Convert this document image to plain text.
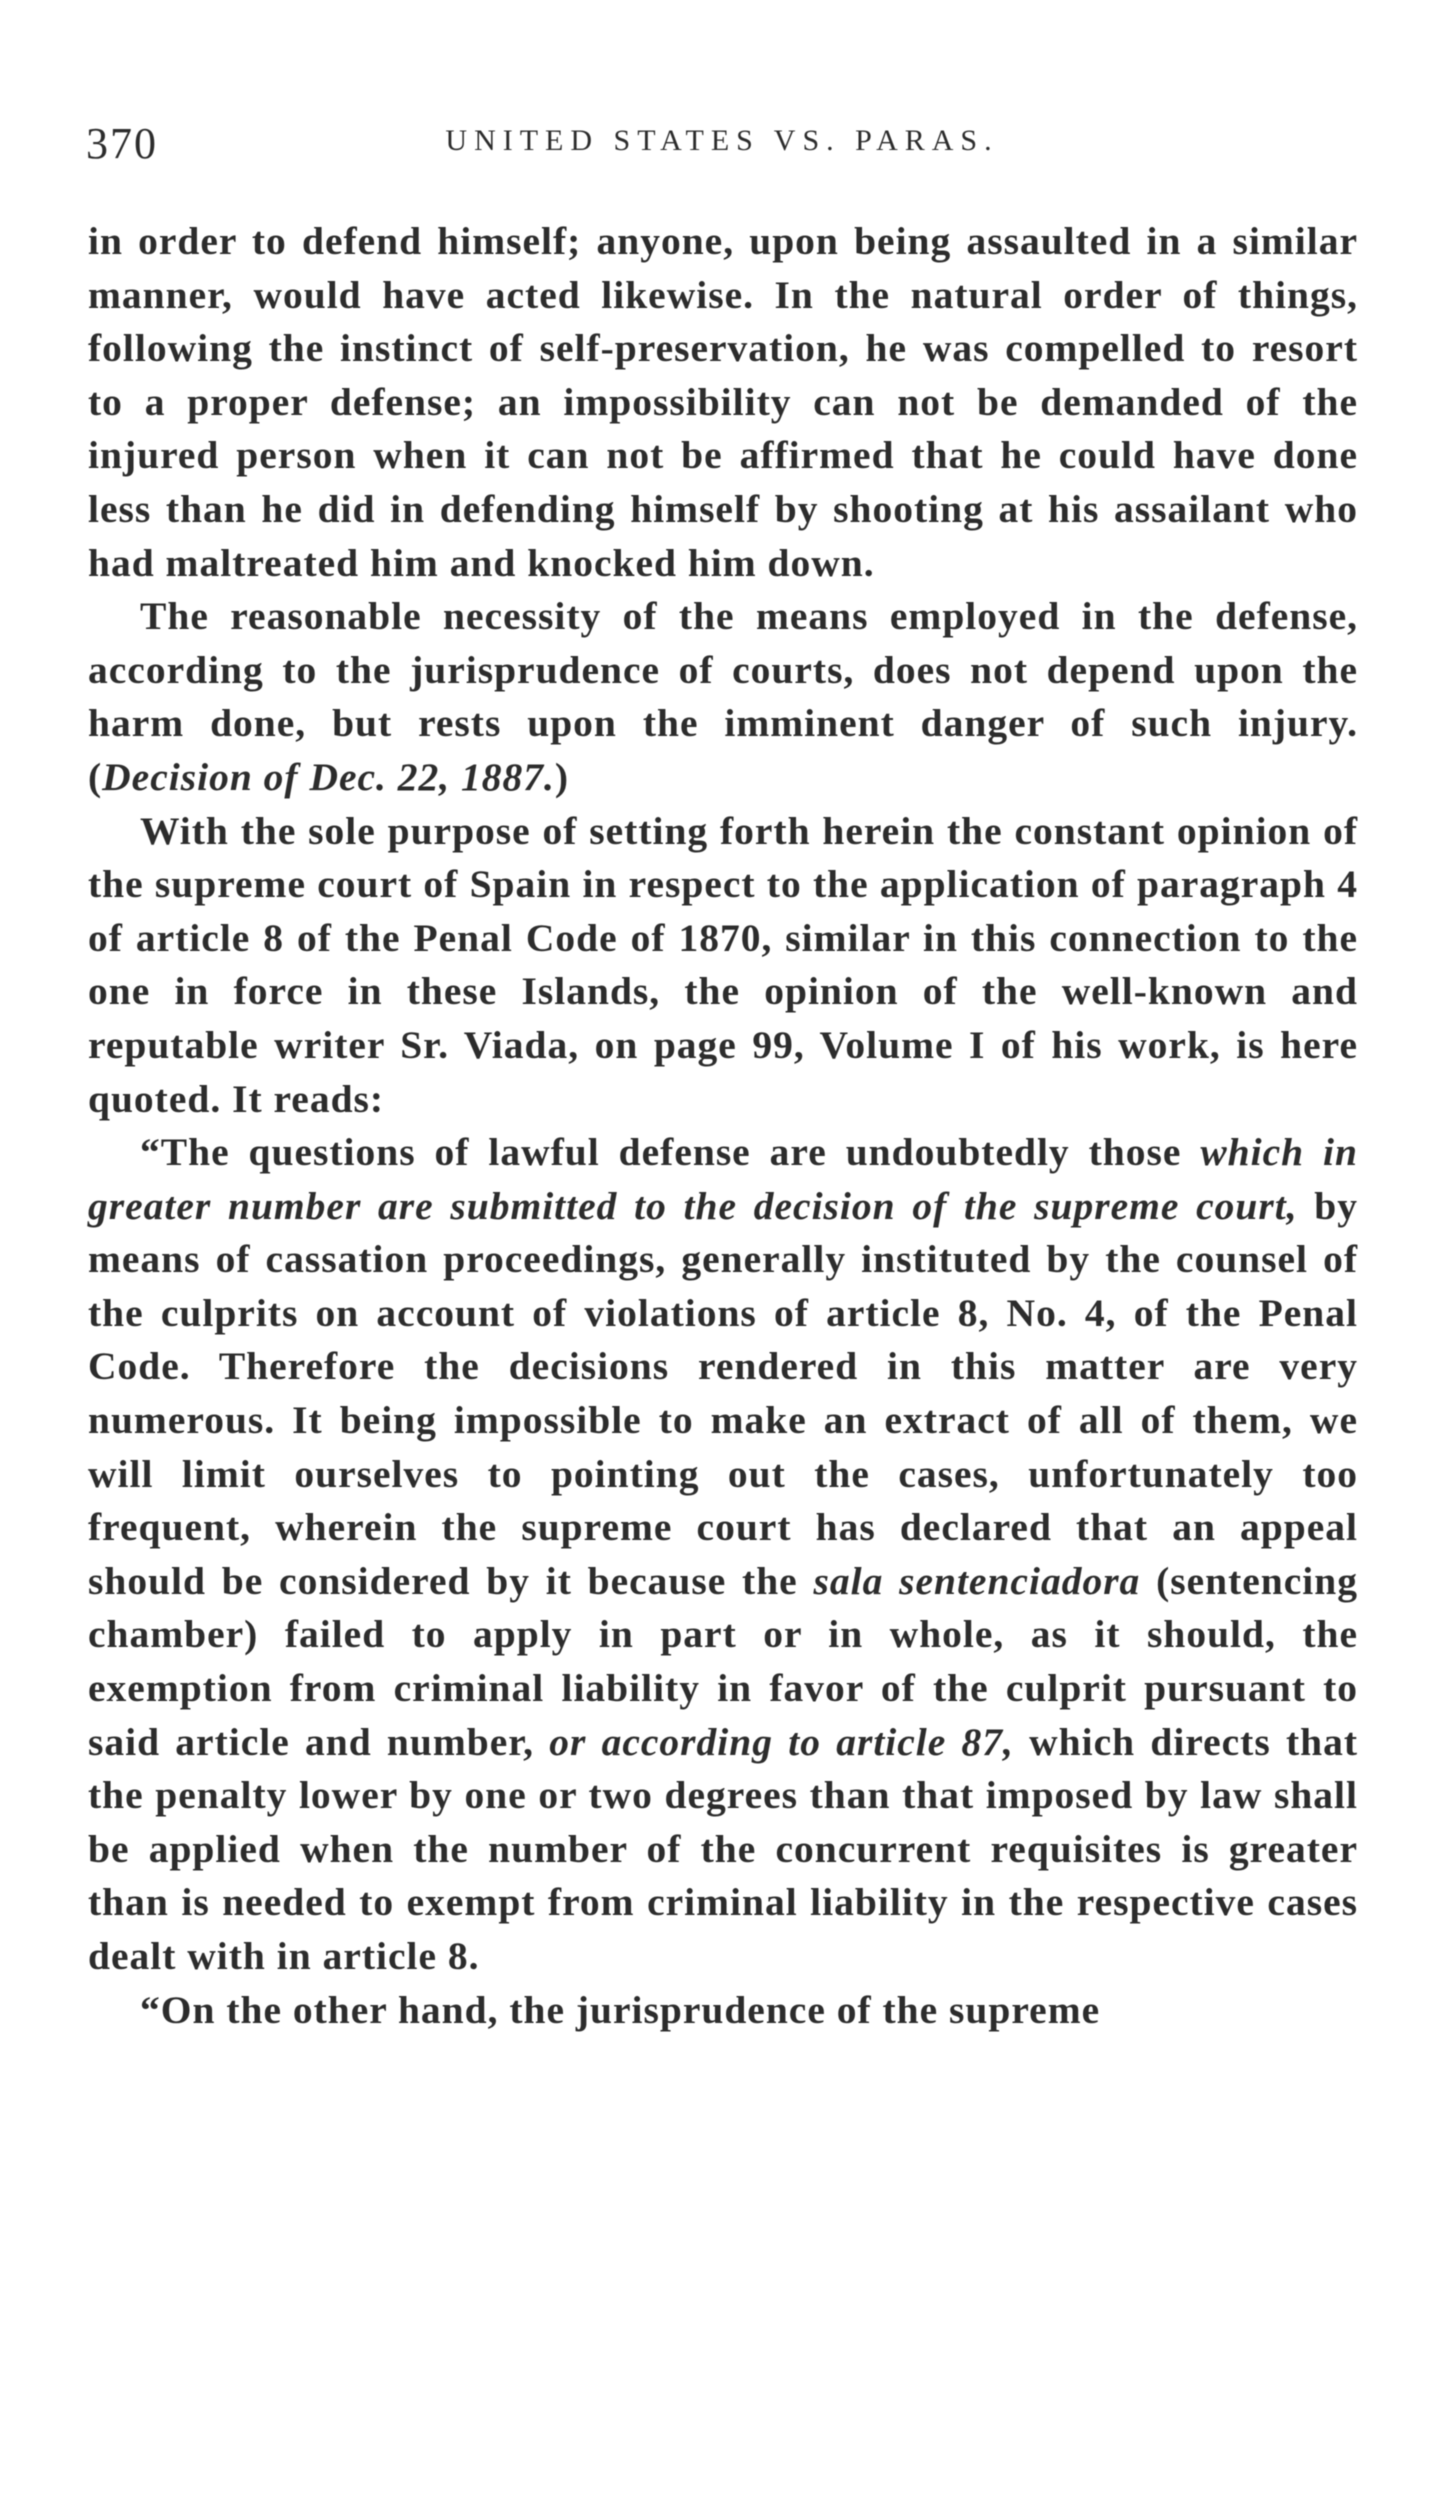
370	UNITED STATES VS. PARAS.

in order to defend himself; anyone, upon being assaulted in a similar manner, would have acted likewise. In the natural order of things, following the instinct of self-preservation, he was compelled to resort to a proper defense; an impossibility can not be demanded of the injured person when it can not be affirmed that he could have done less than he did in defending himself by shooting at his assailant who had maltreated him and knocked him down.

The reasonable necessity of the means employed in the defense, according to the jurisprudence of courts, does not depend upon the harm done, but rests upon the imminent danger of such injury. (Decision of Dec. 22, 1887.)

With the sole purpose of setting forth herein the constant opinion of the supreme court of Spain in respect to the application of paragraph 4 of article 8 of the Penal Code of 1870, similar in this connection to the one in force in these Islands, the opinion of the well-known and reputable writer Sr. Viada, on page 99, Volume I of his work, is here quoted. It reads:

“The questions of lawful defense are undoubtedly those which in greater number are submitted to the decision of the supreme court, by means of cassation proceedings, generally instituted by the counsel of the culprits on account of violations of article 8, No. 4, of the Penal Code. Therefore the decisions rendered in this matter are very numerous. It being impossible to make an extract of all of them, we will limit ourselves to pointing out the cases, unfortunately too frequent, wherein the supreme court has declared that an appeal should be considered by it because the sala sentenciadora (sentencing chamber) failed to apply in part or in whole, as it should, the exemption from criminal liability in favor of the culprit pursuant to said article and number, or according to article 87, which directs that the penalty lower by one or two degrees than that imposed by law shall be applied when the number of the concurrent requisites is greater than is needed to exempt from criminal liability in the respective cases dealt with in article 8.

“On the other hand, the jurisprudence of the supreme
